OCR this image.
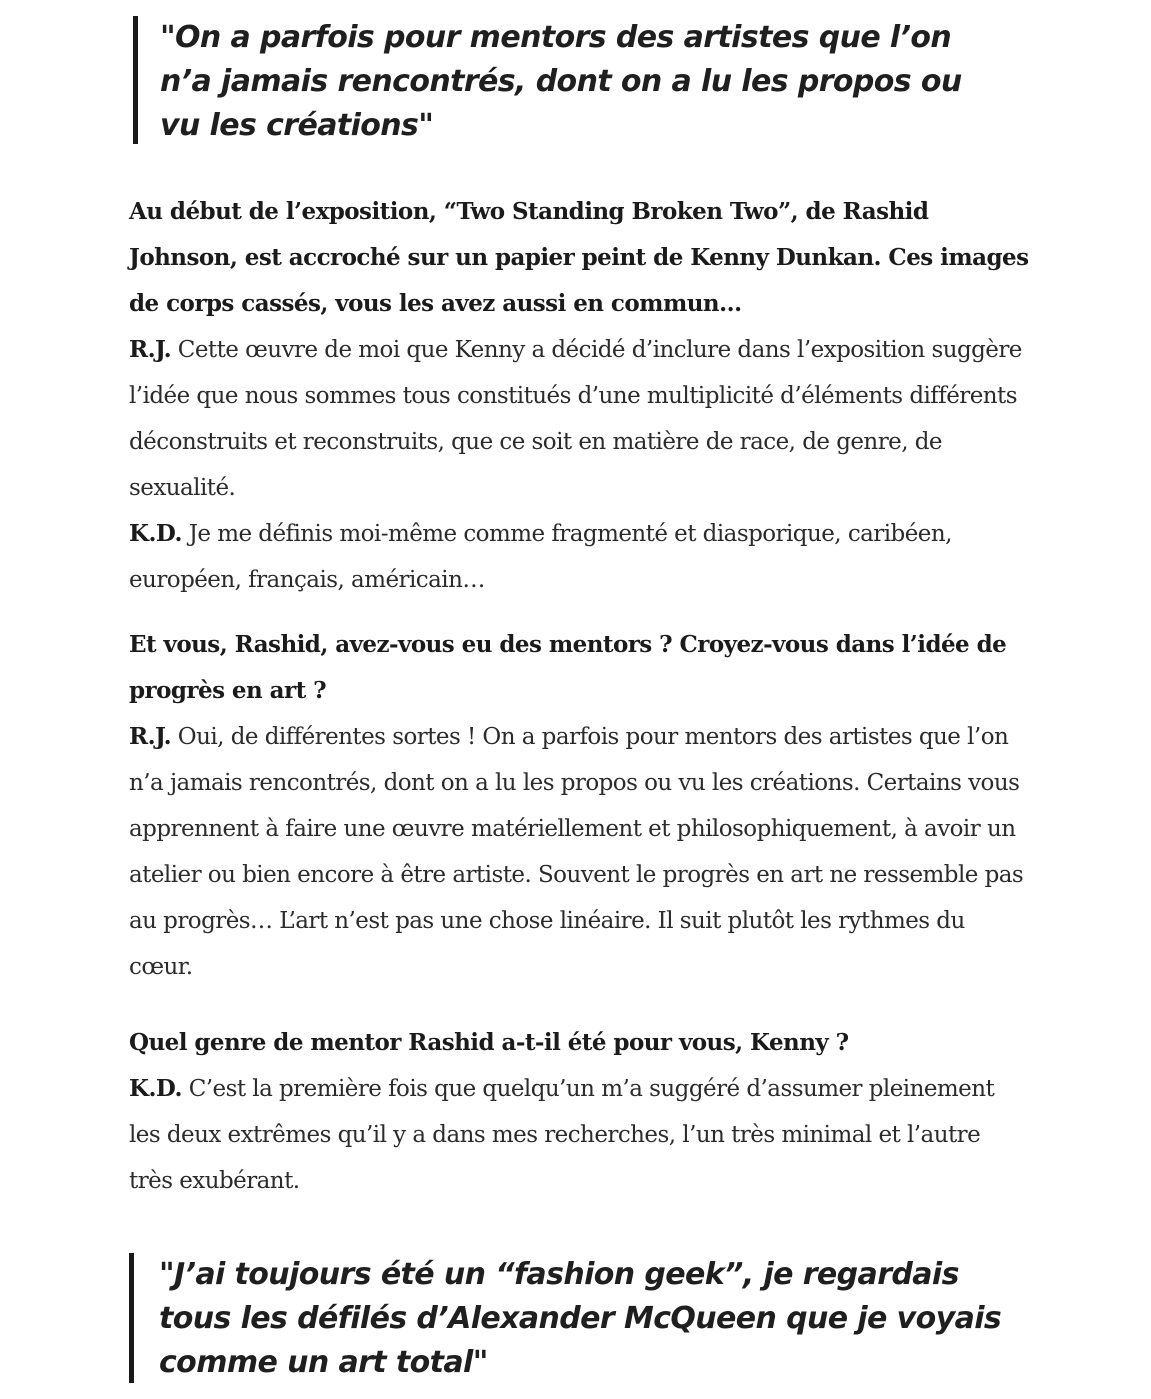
"On a parfois pour mentors des artistes que l’on n’a jamais rencontrés, dont on a lu les propos ou vu les créations"

Au début de l’exposition, “Two Standing Broken Two”, de Rashid Johnson, est accroché sur un papier peint de Kenny Dunkan. Ces images de corps cassés, vous les avez aussi en commun…

R.J. Cette œuvre de moi que Kenny a décidé d’inclure dans l’exposition suggère l’idée que nous sommes tous constitués d’une multiplicité d’éléments différents déconstruits et reconstruits, que ce soit en matière de race, de genre, de sexualité.

K.D. Je me définis moi-même comme fragmenté et diasporique, caribéen, européen, français, américain…

Et vous, Rashid, avez-vous eu des mentors ? Croyez-vous dans l’idée de progrès en art ?

R.J. Oui, de différentes sortes ! On a parfois pour mentors des artistes que l’on n’a jamais rencontrés, dont on a lu les propos ou vu les créations. Certains vous apprennent à faire une œuvre matériellement et philosophiquement, à avoir un atelier ou bien encore à être artiste. Souvent le progrès en art ne ressemble pas au progrès… L’art n’est pas une chose linéaire. Il suit plutôt les rythmes du cœur.

Quel genre de mentor Rashid a-t-il été pour vous, Kenny ?

K.D. C’est la première fois que quelqu’un m’a suggéré d’assumer pleinement les deux extrêmes qu’il y a dans mes recherches, l’un très minimal et l’autre très exubérant.

"J’ai toujours été un “fashion geek”, je regardais tous les défilés d’Alexander McQueen que je voyais comme un art total"
